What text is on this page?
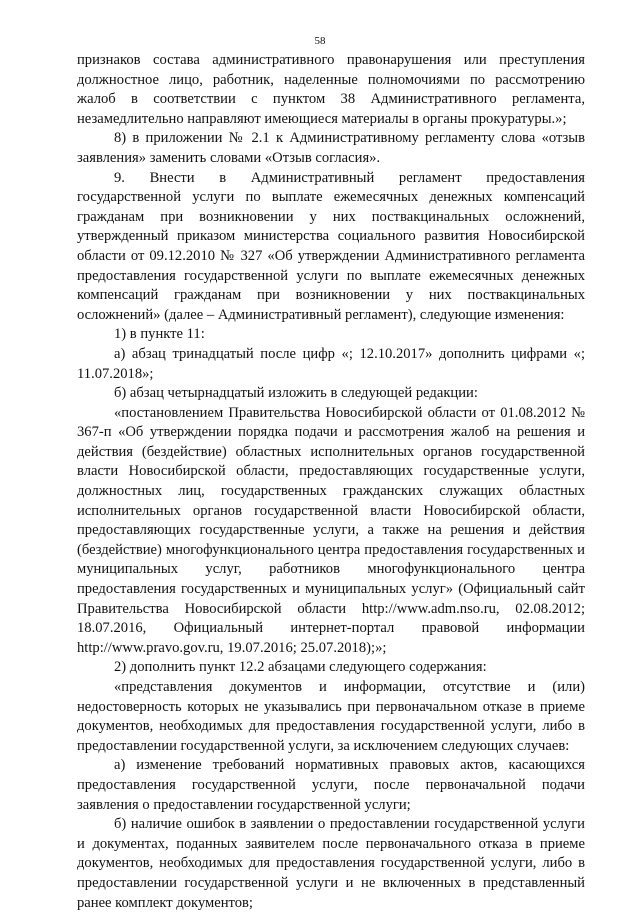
58

признаков состава административного правонарушения или преступления должностное лицо, работник, наделенные полномочиями по рассмотрению жалоб в соответствии с пунктом 38 Административного регламента, незамедлительно направляют имеющиеся материалы в органы прокуратуры.»;

8) в приложении № 2.1 к Административному регламенту слова «отзыв заявления» заменить словами «Отзыв согласия».

9. Внести в Административный регламент предоставления государственной услуги по выплате ежемесячных денежных компенсаций гражданам при возникновении у них поствакцинальных осложнений, утвержденный приказом министерства социального развития Новосибирской области от 09.12.2010 № 327 «Об утверждении Административного регламента предоставления государственной услуги по выплате ежемесячных денежных компенсаций гражданам при возникновении у них поствакцинальных осложнений» (далее – Административный регламент), следующие изменения:

1) в пункте 11:

а) абзац тринадцатый после цифр «; 12.10.2017» дополнить цифрами «; 11.07.2018»;

б) абзац четырнадцатый изложить в следующей редакции:

«постановлением Правительства Новосибирской области от 01.08.2012 № 367-п «Об утверждении порядка подачи и рассмотрения жалоб на решения и действия (бездействие) областных исполнительных органов государственной власти Новосибирской области, предоставляющих государственные услуги, должностных лиц, государственных гражданских служащих областных исполнительных органов государственной власти Новосибирской области, предоставляющих государственные услуги, а также на решения и действия (бездействие) многофункционального центра предоставления государственных и муниципальных услуг, работников многофункционального центра предоставления государственных и муниципальных услуг» (Официальный сайт Правительства Новосибирской области http://www.adm.nso.ru, 02.08.2012; 18.07.2016, Официальный интернет-портал правовой информации http://www.pravo.gov.ru, 19.07.2016; 25.07.2018);»;

2) дополнить пункт 12.2 абзацами следующего содержания:

«представления документов и информации, отсутствие и (или) недостоверность которых не указывались при первоначальном отказе в приеме документов, необходимых для предоставления государственной услуги, либо в предоставлении государственной услуги, за исключением следующих случаев:

а) изменение требований нормативных правовых актов, касающихся предоставления государственной услуги, после первоначальной подачи заявления о предоставлении государственной услуги;

б) наличие ошибок в заявлении о предоставлении государственной услуги и документах, поданных заявителем после первоначального отказа в приеме документов, необходимых для предоставления государственной услуги, либо в предоставлении государственной услуги и не включенных в представленный ранее комплект документов;
